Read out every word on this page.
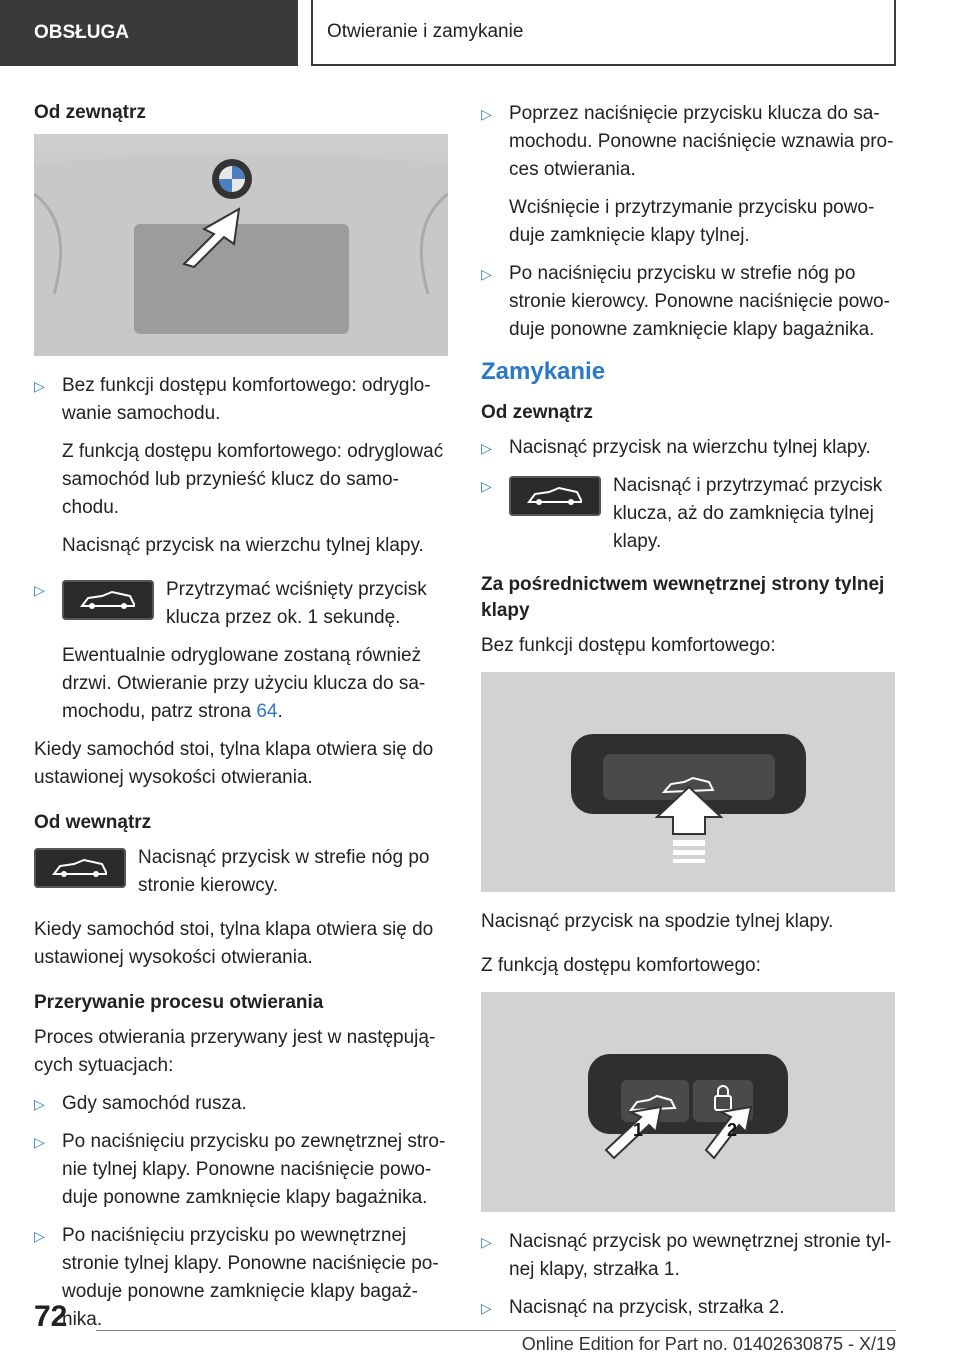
OBSŁUGA	Otwieranie i zamykanie
Od zewnątrz
▷ Bez funkcji dostępu komfortowego: odryglowanie samochodu.

Z funkcją dostępu komfortowego: odryglować samochód lub przynieść klucz do samochodu.

Nacisnąć przycisk na wierzchu tylnej klapy.

▷	Przytrzymać wciśnięty przycisk klucza przez ok. 1 sekundę.

Ewentualnie odryglowane zostaną również drzwi. Otwieranie przy użyciu klucza do samochodu, patrz strona 64.

Kiedy samochód stoi, tylna klapa otwiera się do ustawionej wysokości otwierania.

Od wewnątrz
Nacisnąć przycisk w strefie nóg po stronie kierowcy.

Kiedy samochód stoi, tylna klapa otwiera się do ustawionej wysokości otwierania.

Przerywanie procesu otwierania

Proces otwierania przerywany jest w następujących sytuacjach:

▷ Gdy samochód rusza.
▷ Po naciśnięciu przycisku po zewnętrznej stronie tylnej klapy. Ponowne naciśnięcie powoduje ponowne zamknięcie klapy bagażnika.
▷ Po naciśnięciu przycisku po wewnętrznej stronie tylnej klapy. Ponowne naciśnięcie powoduje ponowne zamknięcie klapy bagażnika.
▷ Poprzez naciśnięcie przycisku klucza do samochodu. Ponowne naciśnięcie wznawia proces otwierania.

Wciśnięcie i przytrzymanie przycisku powoduje zamknięcie klapy tylnej.

▷ Po naciśnięciu przycisku w strefie nóg po stronie kierowcy. Ponowne naciśnięcie powoduje ponowne zamknięcie klapy bagażnika.
Zamykanie
Od zewnątrz
▷ Nacisnąć przycisk na wierzchu tylnej klapy.
▷	Nacisnąć i przytrzymać przycisk klucza, aż do zamknięcia tylnej klapy.
Za pośrednictwem wewnętrznej strony tylnej klapy

Bez funkcji dostępu komfortowego:

Nacisnąć przycisk na spodzie tylnej klapy.

Z funkcją dostępu komfortowego:

1	2
▷ Nacisnąć przycisk po wewnętrznej stronie tylnej klapy, strzałka 1.
▷ Nacisnąć na przycisk, strzałka 2.
72
Online Edition for Part no. 01402630875 - X/19
